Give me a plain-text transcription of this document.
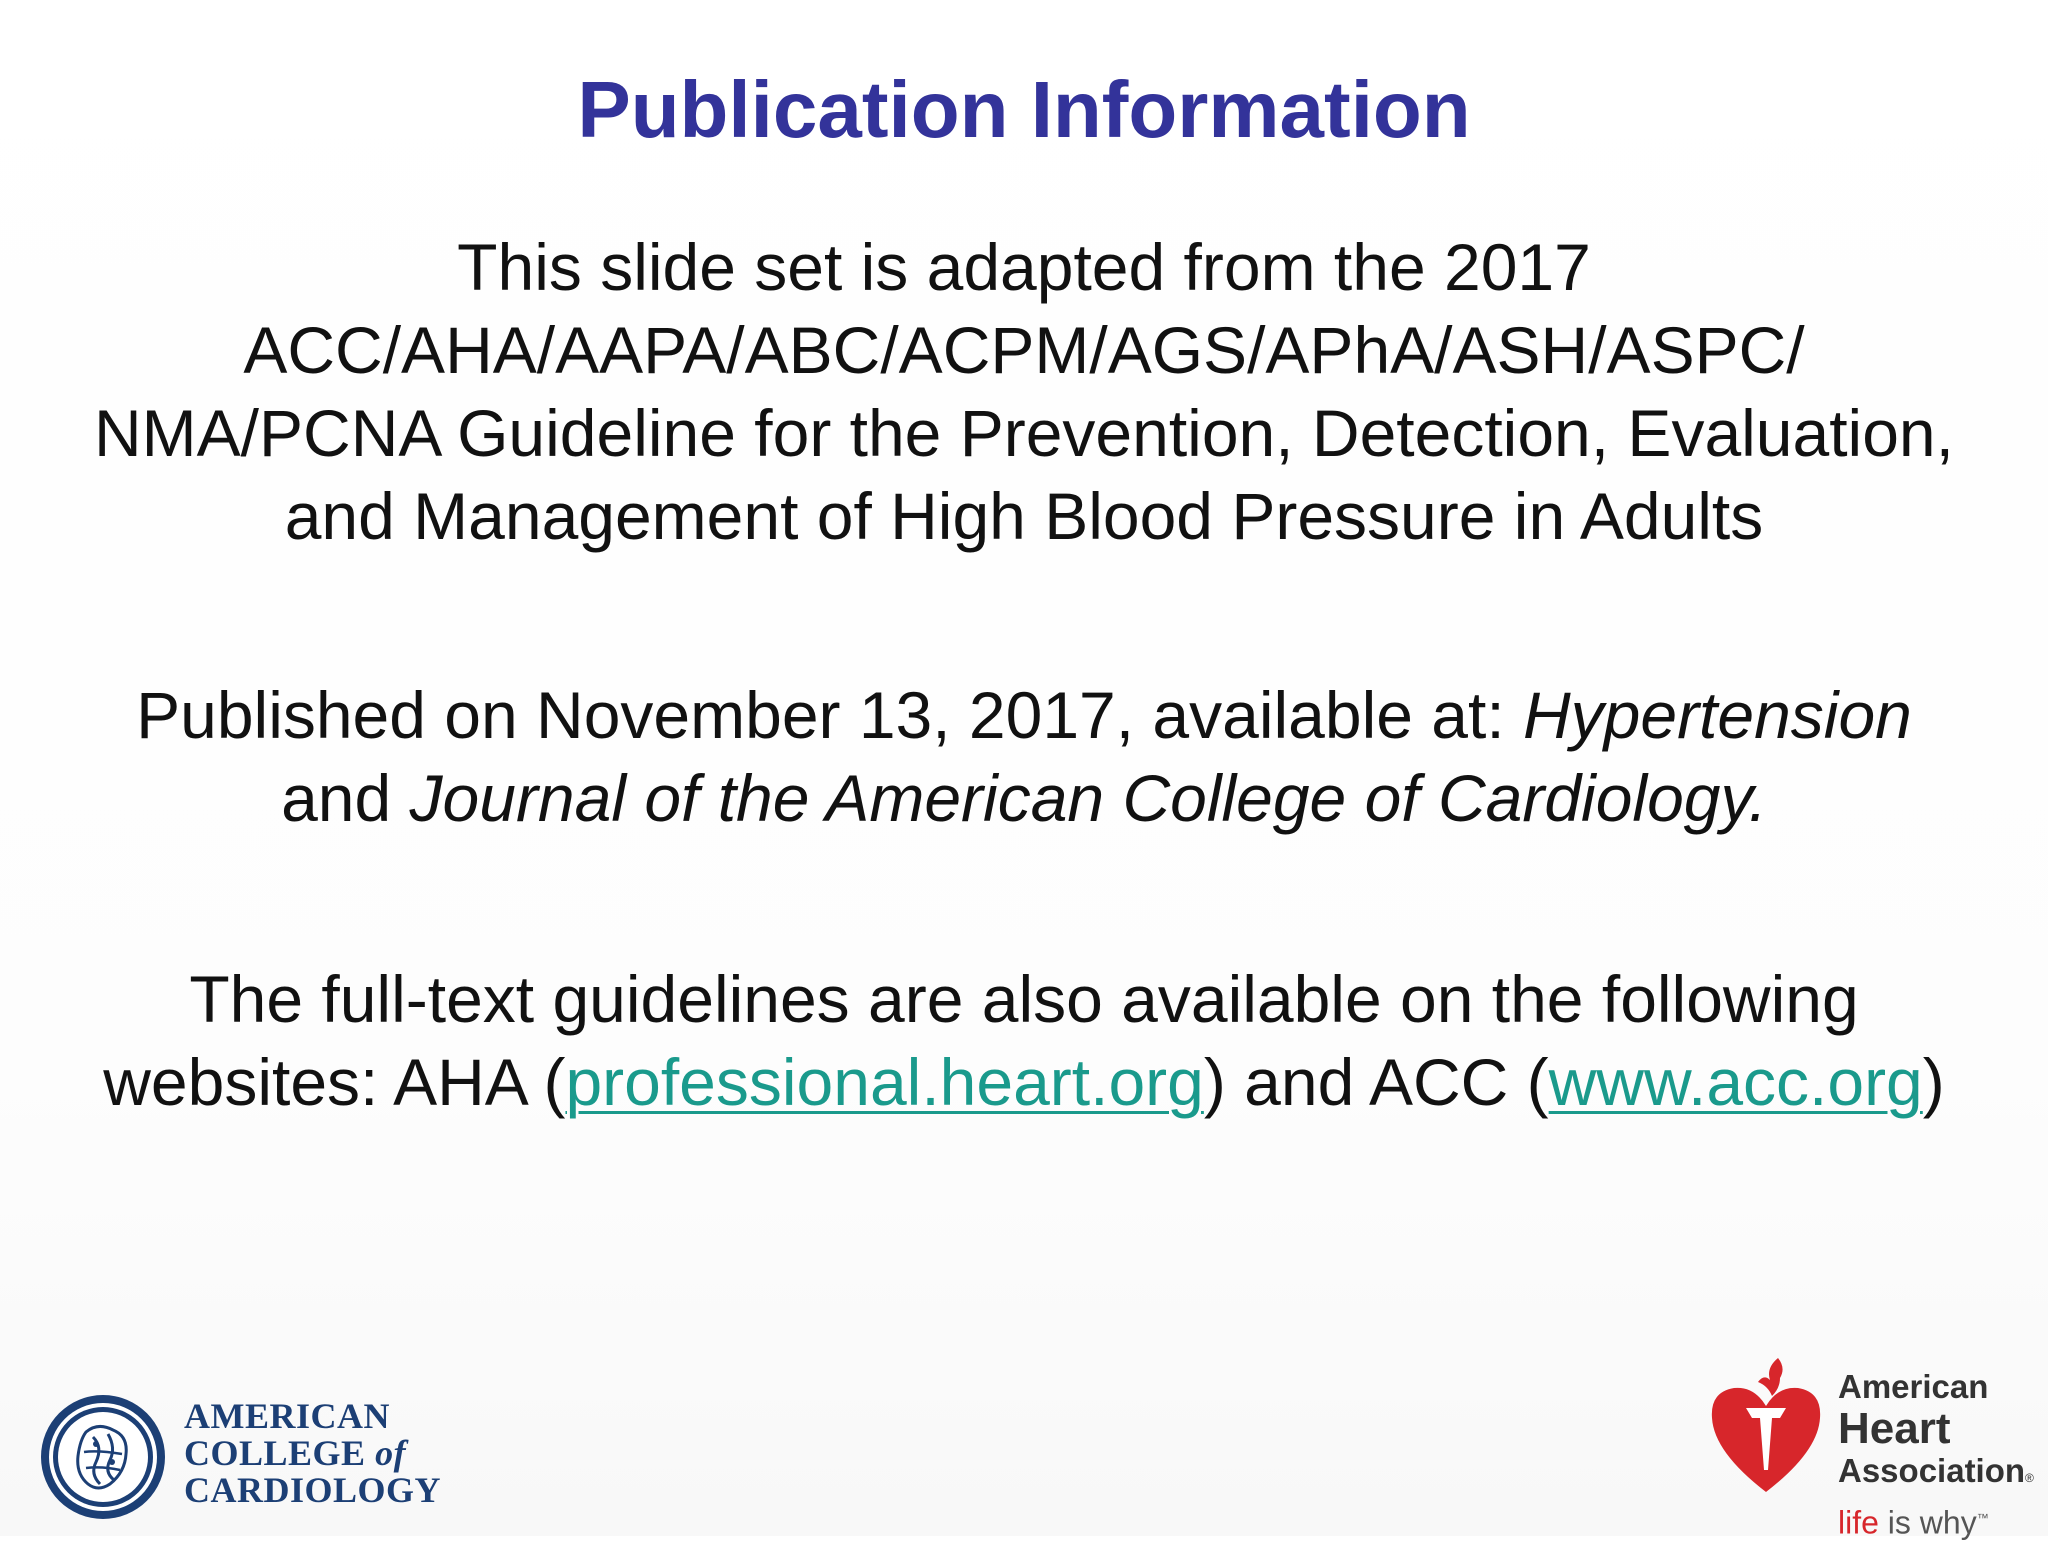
Publication Information
This slide set is adapted from the 2017
ACC/AHA/AAPA/ABC/ACPM/AGS/APhA/ASH/ASPC/
NMA/PCNA Guideline for the Prevention, Detection, Evaluation,
and Management of High Blood Pressure in Adults
Published on November 13, 2017, available at: Hypertension
and Journal of the American College of Cardiology.
The full-text guidelines are also available on the following
websites: AHA (professional.heart.org) and ACC (www.acc.org)
AMERICAN
COLLEGE of
CARDIOLOGY
American
Heart
Association®
life is why™
